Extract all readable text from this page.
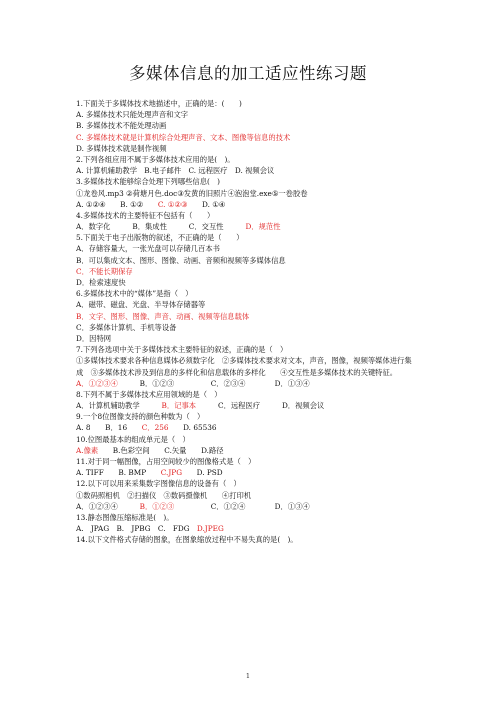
多媒体信息的加工适应性练习题
1.下面关于多媒体技术地描述中，正确的是：(　　)
A. 多媒体技术只能处理声音和文字
B. 多媒体技术不能处理动画
C. 多媒体技术就是计算机综合处理声音、文本、图像等信息的技术
D. 多媒体技术就是制作视频
2.下列各组应用不属于多媒体技术应用的是(　)。
A. 计算机辅助教学　B.电子邮件　C. 远程医疗　D. 视频会议
3.多媒体技术能够综合处理下列哪些信息(　)
①龙卷风.mp3 ②荷塘月色.doc③发黄的旧照片④泡泡堂.exe⑤一卷胶卷
A. ①②④　　B. ①②　　C. ①②③　　D. ①④
4.多媒体技术的主要特征不包括有（　　）
A．数字化　　　B．集成性　　　C．交互性　　　D．规范性
5.下面关于电子出版物的叙述，不正确的是（　　）
A．存储容量大，一张光盘可以存储几百本书
B．可以集成文本、图形、图像、动画、音频和视频等多媒体信息
C．不能长期保存
D．检索速度快
6.多媒体技术中的“媒体”是指（　）
A．磁带、磁盘、光盘、半导体存储器等
B．文字、图形、图像、声音、动画、视频等信息载体
C．多媒体计算机、手机等设备
D．因特网
7.下列各选项中关于多媒体技术主要特征的叙述，正确的是（　）
①多媒体技术要求各种信息媒体必须数字化　②多媒体技术要求对文本，声音，图像，视频等媒体进行集成　③多媒体技术涉及到信息的多样化和信息载体的多样化　　④交互性是多媒体技术的关键特征。
A．①②③④　　　B．①②③　　　　　C．②③④　　　　D．①③④
8.下列不属于多媒体技术应用领域的是（　）
A．计算机辅助教学　　　B．记事本　　　C．远程医疗　　　D．视频会议
9.一个8位图像支持的颜色种数为（　）
A. 8　　B．16　　C．256　　D. 65536
10.位图最基本的组成单元是（　）
A.像素　　B.色彩空间　　C.矢量　　D.路径
11.对于同一幅图像，占用空间较少的图像格式是（　）
A. TIFF　　B. BMP　　C.JPG　　D. PSD
12.以下可以用来采集数字图像信息的设备有（　）
①数码照相机　②扫描仪　③数码摄像机　　④打印机
A．①②③④　　　B．①②③　　　　　C．①②④　　　　D．①③④
13.静态图像压缩标准是(　)。
A.　JPAG　B.　JPBG　C.　FDG　D.JPEG
14.以下文件格式存储的图象，在图象缩放过程中不易失真的是(　)。
1
